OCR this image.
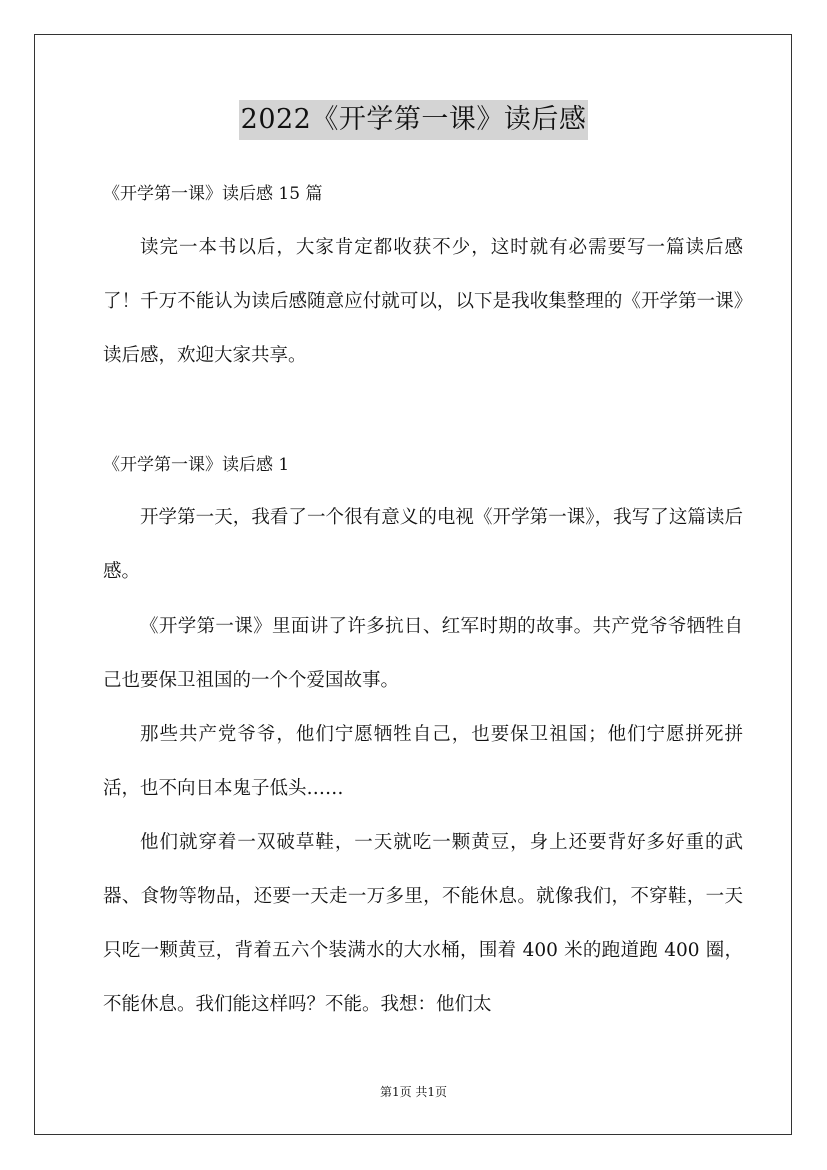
2022《开学第一课》读后感
《开学第一课》读后感 15 篇

读完一本书以后，大家肯定都收获不少，这时就有必需要写一篇读后感了！千万不能认为读后感随意应付就可以，以下是我收集整理的《开学第一课》读后感，欢迎大家共享。

《开学第一课》读后感 1

开学第一天，我看了一个很有意义的电视《开学第一课》，我写了这篇读后感。

《开学第一课》里面讲了许多抗日、红军时期的故事。共产党爷爷牺牲自己也要保卫祖国的一个个爱国故事。

那些共产党爷爷，他们宁愿牺牲自己，也要保卫祖国；他们宁愿拼死拼活，也不向日本鬼子低头……

他们就穿着一双破草鞋，一天就吃一颗黄豆，身上还要背好多好重的武器、食物等物品，还要一天走一万多里，不能休息。就像我们，不穿鞋，一天只吃一颗黄豆，背着五六个装满水的大水桶，围着 400 米的跑道跑 400 圈，不能休息。我们能这样吗？不能。我想：他们太

第1页 共1页
